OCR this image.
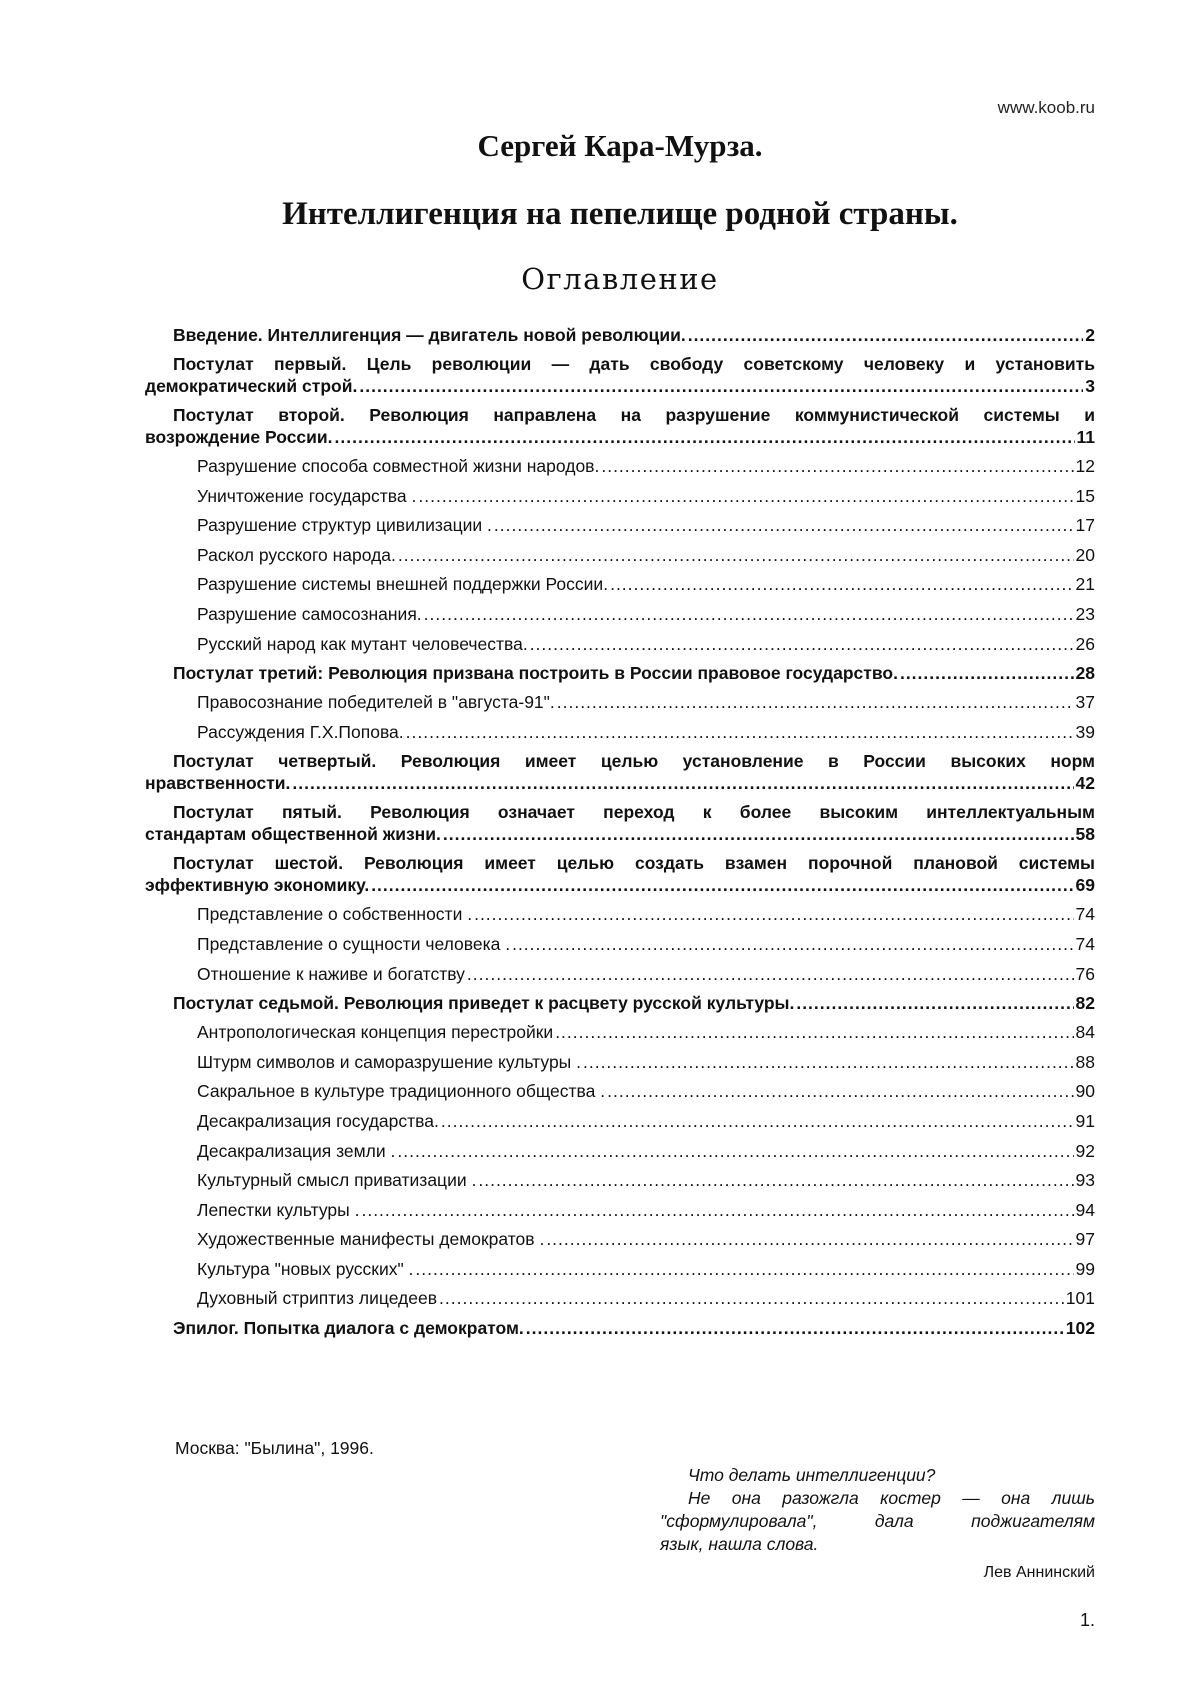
www.koob.ru
Сергей Кара-Мурза.
Интеллигенция на пепелище родной страны.
Оглавление
Введение. Интеллигенция — двигатель новой революции. .....	2
Постулат первый. Цель революции — дать свободу советскому человеку и установить
демократический строй. .....	3
Постулат второй. Революция направлена на разрушение коммунистической системы и
возрождение России. .....	11
Разрушение способа совместной жизни народов. .....	12
Уничтожение государства . .....	15
Разрушение структур цивилизации . .....	17
Раскол русского народа. .....	20
Разрушение системы внешней поддержки России. .....	21
Разрушение самосознания. .....	23
Русский народ как мутант человечества. .....	26
Постулат третий: Революция призвана построить в России правовое государство. .....	28
Правосознание победителей в "августа-91". .....	37
Рассуждения Г.Х.Попова. .....	39
Постулат четвертый. Революция имеет целью установление в России высоких норм
нравственности. .....	42
Постулат пятый. Революция означает переход к более высоким интеллектуальным
стандартам общественной жизни. .....	58
Постулат шестой. Революция имеет целью создать взамен порочной плановой системы
эффективную экономику. .....	69
Представление о собственности . .....	74
Представление о сущности человека . .....	74
Отношение к наживе и богатству .....	76
Постулат седьмой. Революция приведет к расцвету русской культуры. .....	82
Антропологическая концепция перестройки .....	84
Штурм символов и саморазрушение культуры . .....	88
Сакральное в культуре традиционного общества . .....	90
Десакрализация государства. .....	91
Десакрализация земли . .....	92
Культурный смысл приватизации . .....	93
Лепестки культуры . .....	94
Художественные манифесты демократов . .....	97
Культура "новых русских" . .....	99
Духовный стриптиз лицедеев .....	101
Эпилог. Попытка диалога с демократом. .....	102
Москва: "Былина", 1996.
Что делать интеллигенции?
Не она разожгла костер — она лишь
"сформулировала", дала поджигателям
язык, нашла слова.
Лев Аннинский
1.
